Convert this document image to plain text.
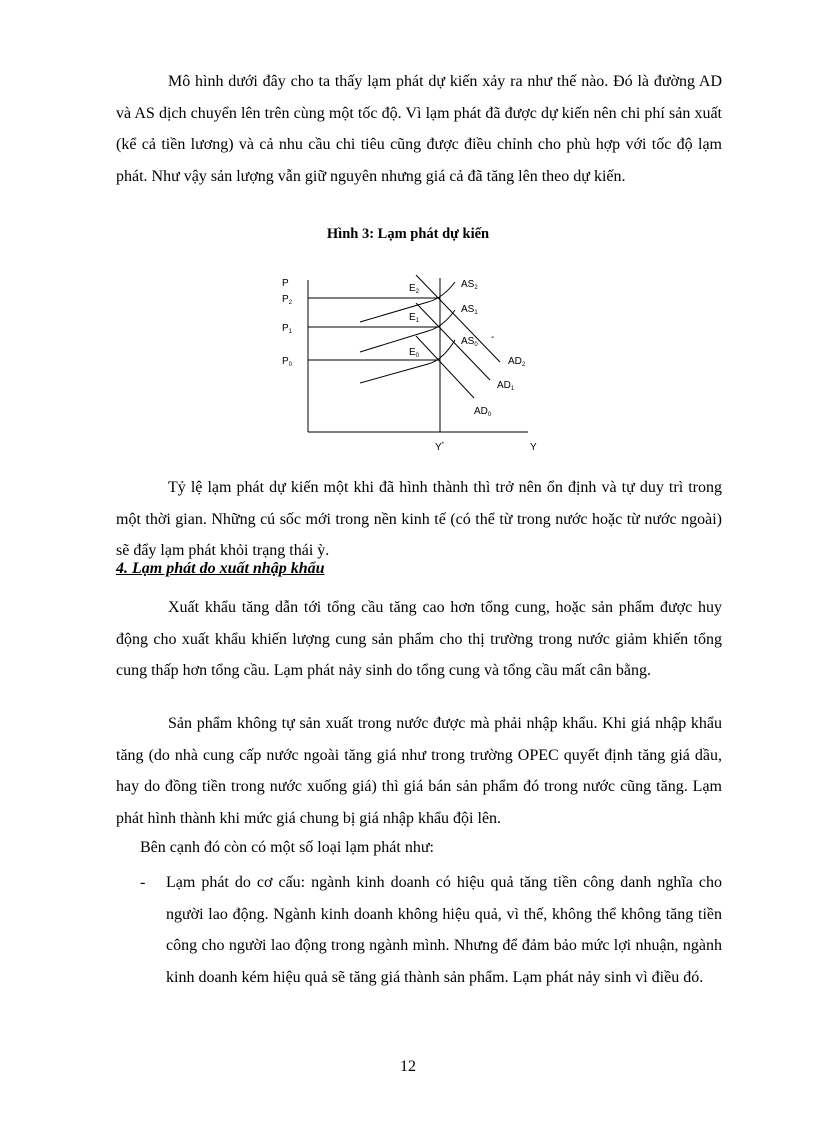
Mô hình dưới đây cho ta thấy lạm phát dự kiến xảy ra như thế nào. Đó là đường AD và AS dịch chuyển lên trên cùng một tốc độ. Vì lạm phát đã được dự kiến nên chi phí sản xuất (kể cả tiền lương) và cả nhu cầu chi tiêu cũng được điều chỉnh cho phù hợp với tốc độ lạm phát. Như vậy sản lượng vẫn giữ nguyên nhưng giá cả đã tăng lên theo dự kiến.

Hình 3: Lạm phát dự kiến
P
Y
$P_2$
$P_1$
$P_0$
Y*
$E_2$
$E_1$
$E_0$
$AS_2$
$AS_1$
$AS_0$
-
$AD_2$
$AD_1$
$AD_0$

Tỷ lệ lạm phát dự kiến một khi đã hình thành thì trở nên ổn định và tự duy trì trong một thời gian. Những cú sốc mới trong nền kinh tế (có thể từ trong nước hoặc từ nước ngoài) sẽ đẩy lạm phát khỏi trạng thái ỳ.

4. Lạm phát do xuất nhập khẩu

Xuất khẩu tăng dẫn tới tổng cầu tăng cao hơn tổng cung, hoặc sản phẩm được huy động cho xuất khẩu khiến lượng cung sản phẩm cho thị trường trong nước giảm khiến tổng cung thấp hơn tổng cầu. Lạm phát nảy sinh do tổng cung và tổng cầu mất cân bằng.

Sản phẩm không tự sản xuất trong nước được mà phải nhập khẩu. Khi giá nhập khẩu tăng (do nhà cung cấp nước ngoài tăng giá như trong trường OPEC quyết định tăng giá dầu, hay do đồng tiền trong nước xuống giá) thì giá bán sản phẩm đó trong nước cũng tăng. Lạm phát hình thành khi mức giá chung bị giá nhập khẩu đội lên.

Bên cạnh đó còn có một số loại lạm phát như:

- Lạm phát do cơ cấu: ngành kinh doanh có hiệu quả tăng tiền công danh nghĩa cho người lao động. Ngành kinh doanh không hiệu quả, vì thế, không thể không tăng tiền công cho người lao động trong ngành mình. Nhưng để đảm bảo mức lợi nhuận, ngành kinh doanh kém hiệu quả sẽ tăng giá thành sản phẩm. Lạm phát nảy sinh vì điều đó.
12
